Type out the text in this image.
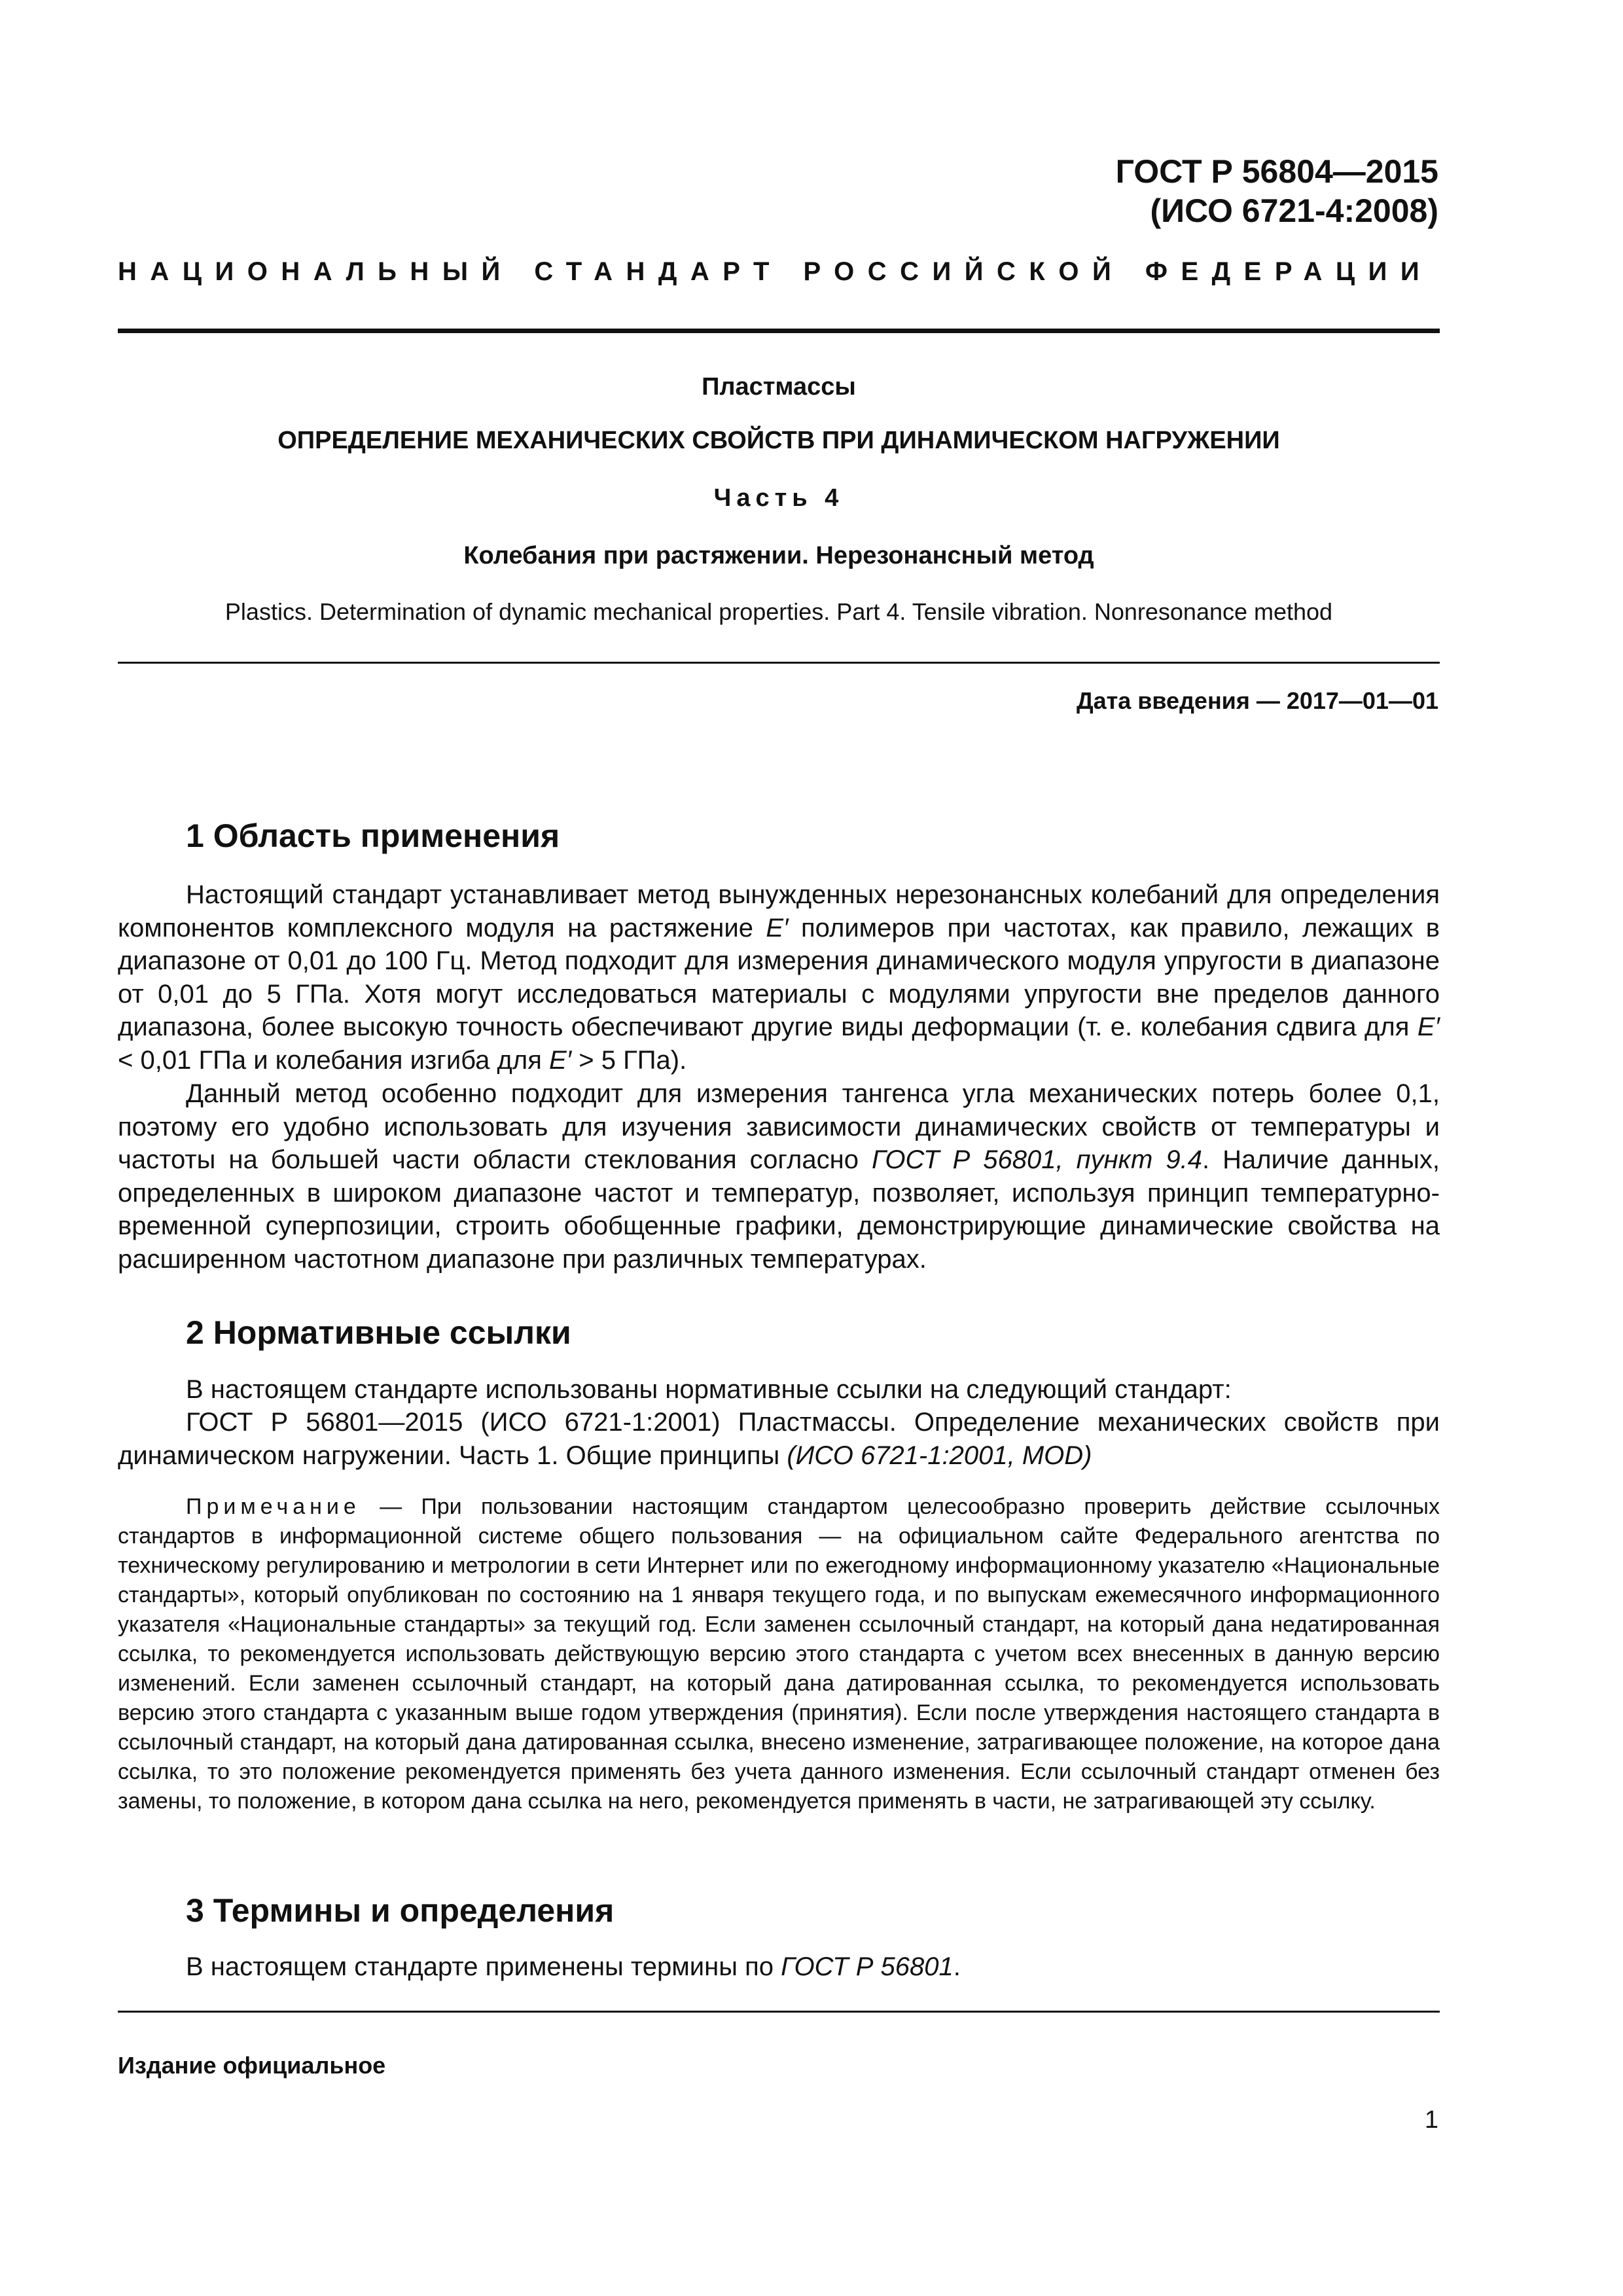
ГОСТ Р 56804—2015
(ИСО 6721-4:2008)
НАЦИОНАЛЬНЫЙ СТАНДАРТ РОССИЙСКОЙ ФЕДЕРАЦИИ
Пластмассы
ОПРЕДЕЛЕНИЕ МЕХАНИЧЕСКИХ СВОЙСТВ ПРИ ДИНАМИЧЕСКОМ НАГРУЖЕНИИ
Часть 4
Колебания при растяжении. Нерезонансный метод
Plastics. Determination of dynamic mechanical properties. Part 4. Tensile vibration. Nonresonance method
Дата введения — 2017—01—01
1 Область применения

Настоящий стандарт устанавливает метод вынужденных нерезонансных колебаний для определения компонентов комплексного модуля на растяжение E′ полимеров при частотах, как правило, лежащих в диапазоне от 0,01 до 100 Гц. Метод подходит для измерения динамического модуля упругости в диапазоне от 0,01 до 5 ГПа. Хотя могут исследоваться материалы с модулями упругости вне пределов данного диапазона, более высокую точность обеспечивают другие виды деформации (т. е. колебания сдвига для E′ < 0,01 ГПа и колебания изгиба для E′ > 5 ГПа).

Данный метод особенно подходит для измерения тангенса угла механических потерь более 0,1, поэтому его удобно использовать для изучения зависимости динамических свойств от температуры и частоты на большей части области стеклования согласно ГОСТ Р 56801, пункт 9.4. Наличие данных, определенных в широком диапазоне частот и температур, позволяет, используя принцип температурно-временной суперпозиции, строить обобщенные графики, демонстрирующие динамические свойства на расширенном частотном диапазоне при различных температурах.

2 Нормативные ссылки

В настоящем стандарте использованы нормативные ссылки на следующий стандарт:

ГОСТ Р 56801—2015 (ИСО 6721-1:2001) Пластмассы. Определение механических свойств при динамическом нагружении. Часть 1. Общие принципы (ИСО 6721-1:2001, MOD)

Примечание — При пользовании настоящим стандартом целесообразно проверить действие ссылочных стандартов в информационной системе общего пользования — на официальном сайте Федерального агентства по техническому регулированию и метрологии в сети Интернет или по ежегодному информационному указателю «Национальные стандарты», который опубликован по состоянию на 1 января текущего года, и по выпускам ежемесячного информационного указателя «Национальные стандарты» за текущий год. Если заменен ссылочный стандарт, на который дана недатированная ссылка, то рекомендуется использовать действующую версию этого стандарта с учетом всех внесенных в данную версию изменений. Если заменен ссылочный стандарт, на который дана датированная ссылка, то рекомендуется использовать версию этого стандарта с указанным выше годом утверждения (принятия). Если после утверждения настоящего стандарта в ссылочный стандарт, на который дана датированная ссылка, внесено изменение, затрагивающее положение, на которое дана ссылка, то это положение рекомендуется применять без учета данного изменения. Если ссылочный стандарт отменен без замены, то положение, в котором дана ссылка на него, рекомендуется применять в части, не затрагивающей эту ссылку.

3 Термины и определения

В настоящем стандарте применены термины по ГОСТ Р 56801.

Издание официальное
1
